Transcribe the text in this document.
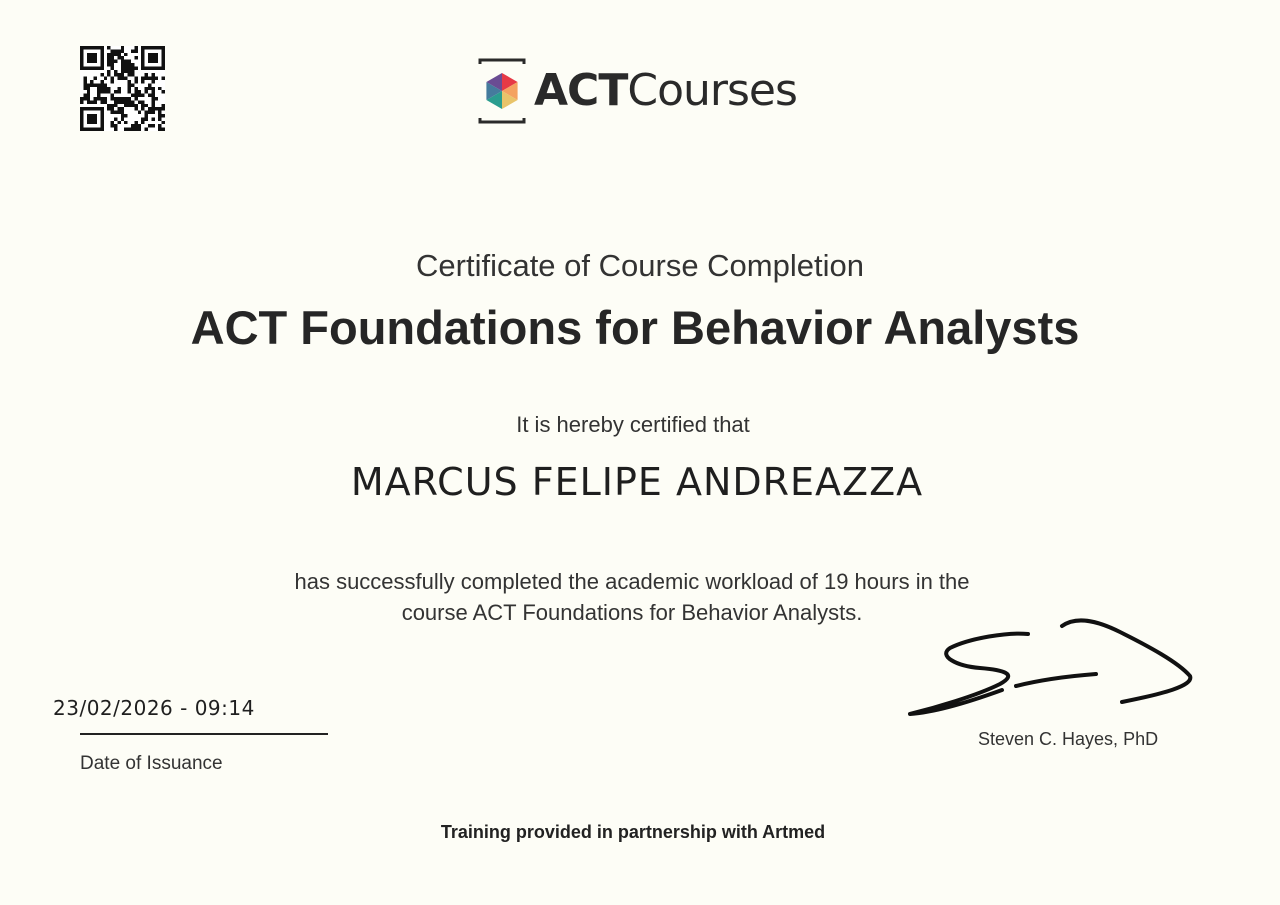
ACTCourses
Certificate of Course Completion
ACT Foundations for Behavior Analysts
It is hereby certified that
MARCUS FELIPE ANDREAZZA
has successfully completed the academic workload of 19 hours in the
course ACT Foundations for Behavior Analysts.
23/02/2026 - 09:14
Date of Issuance
Steven C. Hayes, PhD
Training provided in partnership with Artmed
